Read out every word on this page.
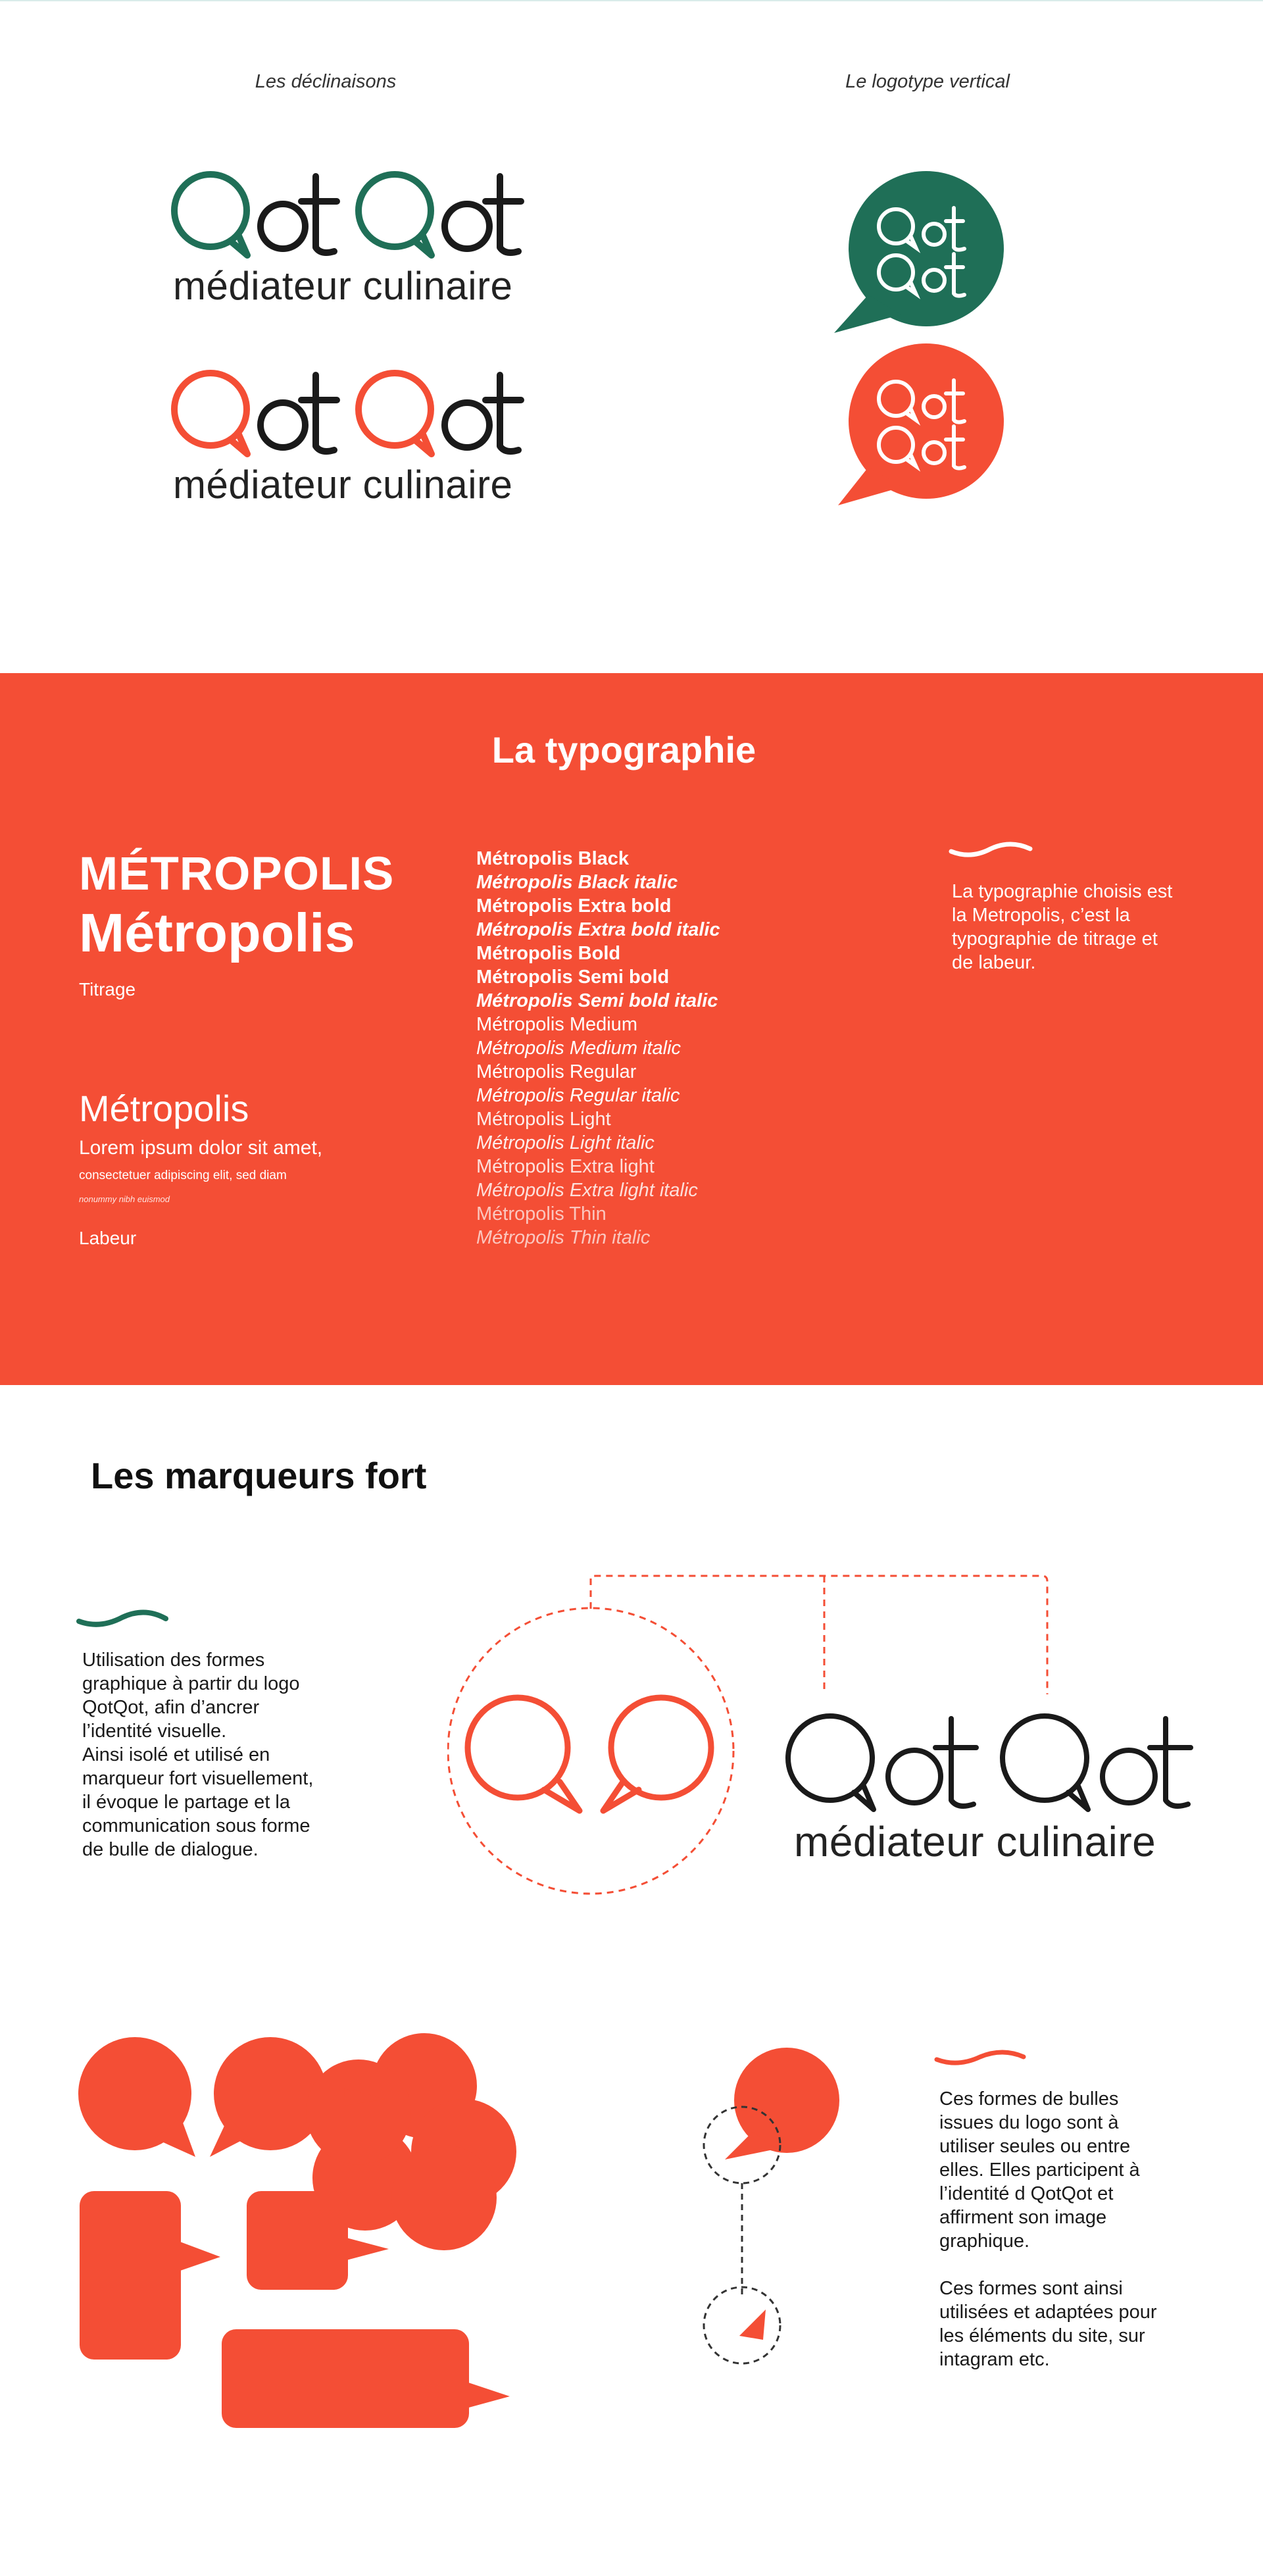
Les déclinaisons	Le logotype vertical
médiateur culinaire
médiateur culinaire
La typographie
MÉTROPOLIS
Métropolis
Titrage
Métropolis
Lorem ipsum dolor sit amet,
consectetuer adipiscing elit, sed diam
nonummy nibh euismod
Labeur
Métropolis Black
Métropolis Black italic
Métropolis Extra bold
Métropolis Extra bold italic
Métropolis Bold
Métropolis Semi bold
Métropolis Semi bold italic
Métropolis Medium
Métropolis Medium italic
Métropolis Regular
Métropolis Regular italic
Métropolis Light
Métropolis Light italic
Métropolis Extra light
Métropolis Extra light italic
Métropolis Thin
Métropolis Thin italic
La typographie choisis est
la Metropolis, c’est la
typographie de titrage et
de labeur.
Les marqueurs fort
Utilisation des formes
graphique à partir du logo
QotQot, afin d’ancrer
l’identité visuelle.
Ainsi isolé et utilisé en
marqueur fort visuellement,
il évoque le partage et la
communication sous forme
de bulle de dialogue.	médiateur culinaire
Ces formes de bulles
issues du logo sont à
utiliser seules ou entre
elles. Elles participent à
l’identité d QotQot et
affirment son image
graphique.
Ces formes sont ainsi
utilisées et adaptées pour
les éléments du site, sur
intagram etc.
